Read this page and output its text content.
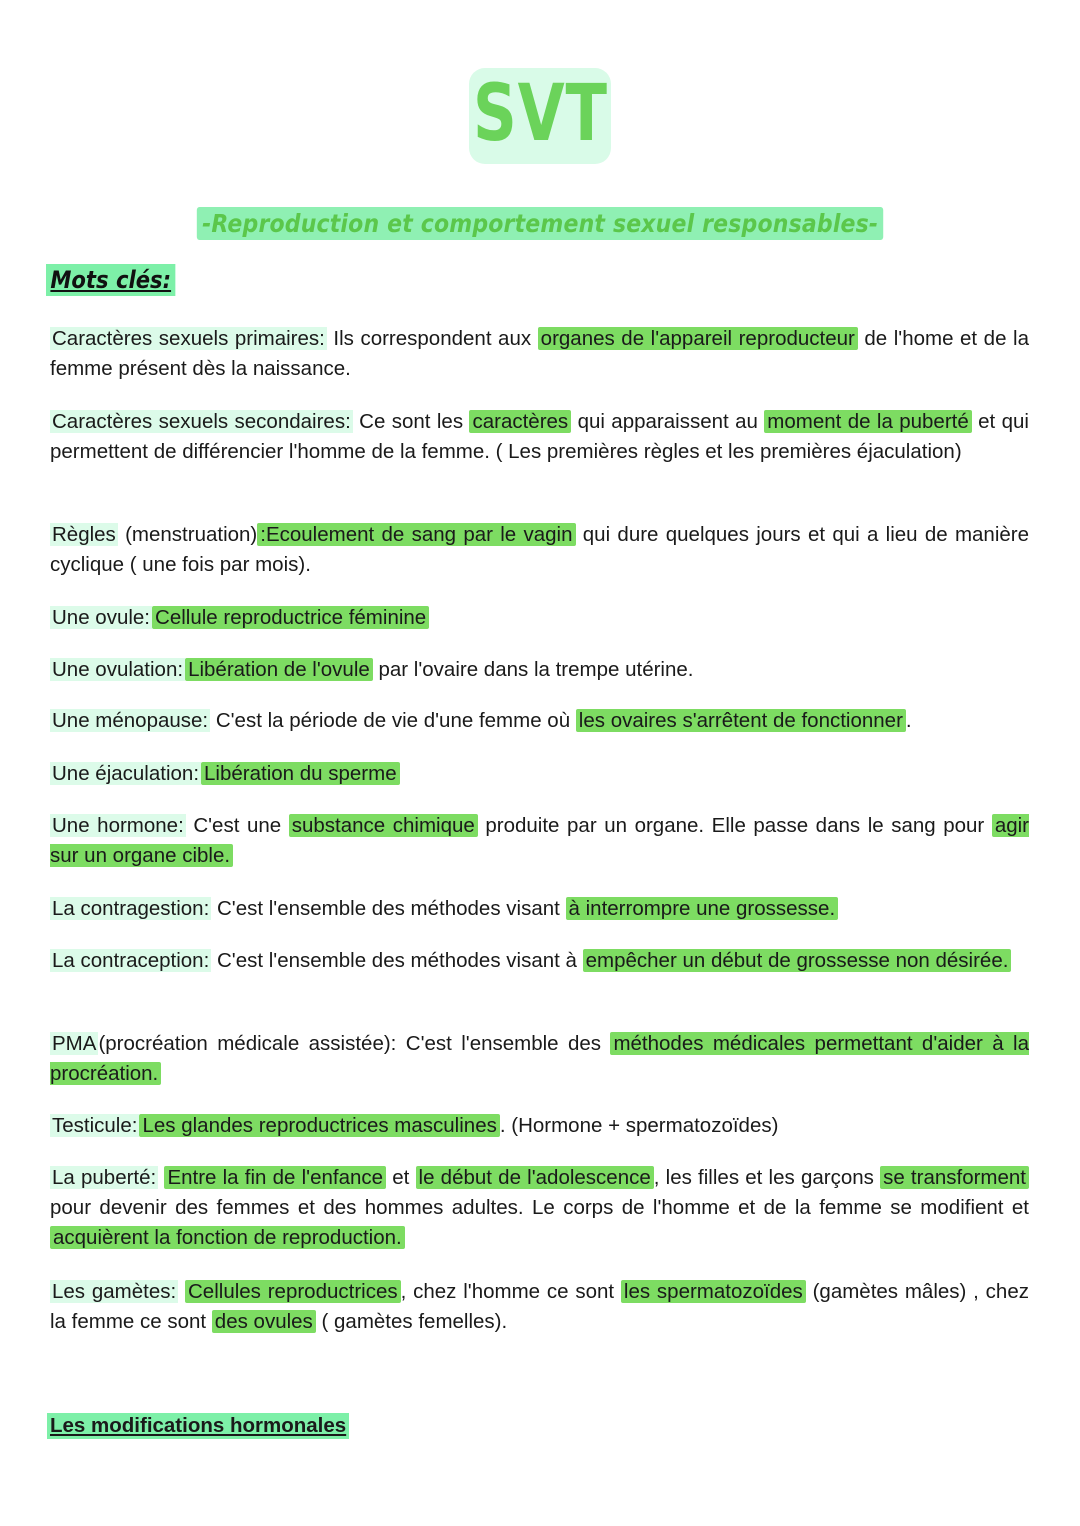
SVT
-Reproduction et comportement sexuel responsables-
Mots clés:
Caractères sexuels primaires: Ils correspondent aux organes de l'appareil reproducteur de l'home et de la femme présent dès la naissance.
Caractères sexuels secondaires: Ce sont les caractères qui apparaissent au moment de la puberté et qui permettent de différencier l'homme de la femme. ( Les premières règles et les premières éjaculation)
Règles (menstruation) :Ecoulement de sang par le vagin qui dure quelques jours et qui a lieu de manière cyclique ( une fois par mois).
Une ovule: Cellule reproductrice féminine
Une ovulation: Libération de l'ovule par l'ovaire dans la trempe utérine.
Une ménopause: C'est la période de vie d'une femme où les ovaires s'arrêtent de fonctionner .
Une éjaculation: Libération du sperme
Une hormone: C'est une substance chimique produite par un organe. Elle passe dans le sang pour agir sur un organe cible.
La contragestion: C'est l'ensemble des méthodes visant à interrompre une grossesse.
La contraception: C'est l'ensemble des méthodes visant à empêcher un début de grossesse non désirée.
PMA(procréation médicale assistée): C'est l'ensemble des méthodes médicales permettant d'aider à la procréation.
Testicule: Les glandes reproductrices masculines . (Hormone + spermatozoïdes)
La puberté: Entre la fin de l'enfance et le début de l'adolescence , les filles et les garçons se transforment pour devenir des femmes et des hommes adultes. Le corps de l'homme et de la femme se modifient et acquièrent la fonction de reproduction.
Les gamètes: Cellules reproductrices , chez l'homme ce sont les spermatozoïdes (gamètes mâles) , chez la femme ce sont des ovules ( gamètes femelles).
Les modifications hormonales
